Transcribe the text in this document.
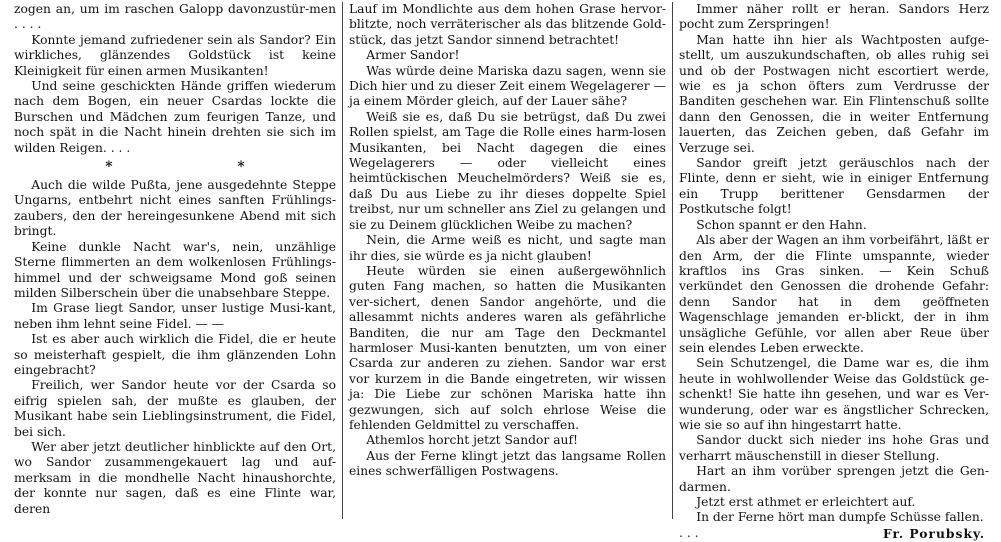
zogen an, um im raschen Galopp davonzustür-men . . . .

Konnte jemand zufriedener sein als Sandor? Ein wirkliches, glänzendes Goldstück ist keine Kleinigkeit für einen armen Musikanten!

Und seine geschickten Hände griffen wiederum nach dem Bogen, ein neuer Csardas lockte die Burschen und Mädchen zum feurigen Tanze, und noch spät in die Nacht hinein drehten sie sich im wilden Reigen. . . .

* *

Auch die wilde Pußta, jene ausgedehnte Steppe Ungarns, entbehrt nicht eines sanften Frühlings-zaubers, den der hereingesunkene Abend mit sich bringt.

Keine dunkle Nacht war's, nein, unzählige Sterne flimmerten an dem wolkenlosen Frühlings-himmel und der schweigsame Mond goß seinen milden Silberschein über die unabsehbare Steppe.

Im Grase liegt Sandor, unser lustige Musi-kant, neben ihm lehnt seine Fidel. — —

Ist es aber auch wirklich die Fidel, die er heute so meisterhaft gespielt, die ihm glänzenden Lohn eingebracht?

Freilich, wer Sandor heute vor der Csarda so eifrig spielen sah, der mußte es glauben, der Musikant habe sein Lieblingsinstrument, die Fidel, bei sich.

Wer aber jetzt deutlicher hinblickte auf den Ort, wo Sandor zusammengekauert lag und auf-merksam in die mondhelle Nacht hinaushorchte, der konnte nur sagen, daß es eine Flinte war, deren

Lauf im Mondlichte aus dem hohen Grase hervor-blitzte, noch verräterischer als das blitzende Gold-stück, das jetzt Sandor sinnend betrachtet!

Armer Sandor!

Was würde deine Mariska dazu sagen, wenn sie Dich hier und zu dieser Zeit einem Wegelagerer — ja einem Mörder gleich, auf der Lauer sähe?

Weiß sie es, daß Du sie betrügst, daß Du zwei Rollen spielst, am Tage die Rolle eines harm-losen Musikanten, bei Nacht dagegen die eines Wegelagerers — oder vielleicht eines heimtückischen Meuchelmörders? Weiß sie es, daß Du aus Liebe zu ihr dieses doppelte Spiel treibst, nur um schneller ans Ziel zu gelangen und sie zu Deinem glücklichen Weibe zu machen?

Nein, die Arme weiß es nicht, und sagte man ihr dies, sie würde es ja nicht glauben!

Heute würden sie einen außergewöhnlich guten Fang machen, so hatten die Musikanten ver-sichert, denen Sandor angehörte, und die allesammt nichts anderes waren als gefährliche Banditen, die nur am Tage den Deckmantel harmloser Musi-kanten benutzten, um von einer Csarda zur anderen zu ziehen. Sandor war erst vor kurzem in die Bande eingetreten, wir wissen ja: Die Liebe zur schönen Mariska hatte ihn gezwungen, sich auf solch ehrlose Weise die fehlenden Geldmittel zu verschaffen.

Athemlos horcht jetzt Sandor auf!

Aus der Ferne klingt jetzt das langsame Rollen eines schwerfälligen Postwagens.

Immer näher rollt er heran. Sandors Herz pocht zum Zerspringen!

Man hatte ihn hier als Wachtposten aufge-stellt, um auszukundschaften, ob alles ruhig sei und ob der Postwagen nicht escortiert werde, wie es ja schon öfters zum Verdrusse der Banditen geschehen war. Ein Flintenschuß sollte dann den Genossen, die in weiter Entfernung lauerten, das Zeichen geben, daß Gefahr im Verzuge sei.

Sandor greift jetzt geräuschlos nach der Flinte, denn er sieht, wie in einiger Entfernung ein Trupp berittener Gensdarmen der Postkutsche folgt!

Schon spannt er den Hahn.

Als aber der Wagen an ihm vorbeifährt, läßt er den Arm, der die Flinte umspannte, wieder kraftlos ins Gras sinken. — Kein Schuß verkündet den Genossen die drohende Gefahr: denn Sandor hat in dem geöffneten Wagenschlage jemanden er-blickt, der in ihm unsägliche Gefühle, vor allen aber Reue über sein elendes Leben erweckte.

Sein Schutzengel, die Dame war es, die ihm heute in wohlwollender Weise das Goldstück ge-schenkt! Sie hatte ihn gesehen, und war es Ver-wunderung, oder war es ängstlicher Schrecken, wie sie so auf ihn hingestarrt hatte.

Sandor duckt sich nieder ins hohe Gras und verharrt mäuschenstill in dieser Stellung.

Hart an ihm vorüber sprengen jetzt die Gen-darmen.

Jetzt erst athmet er erleichtert auf.

In der Ferne hört man dumpfe Schüsse fallen. . . .	Fr. Porubsky.
